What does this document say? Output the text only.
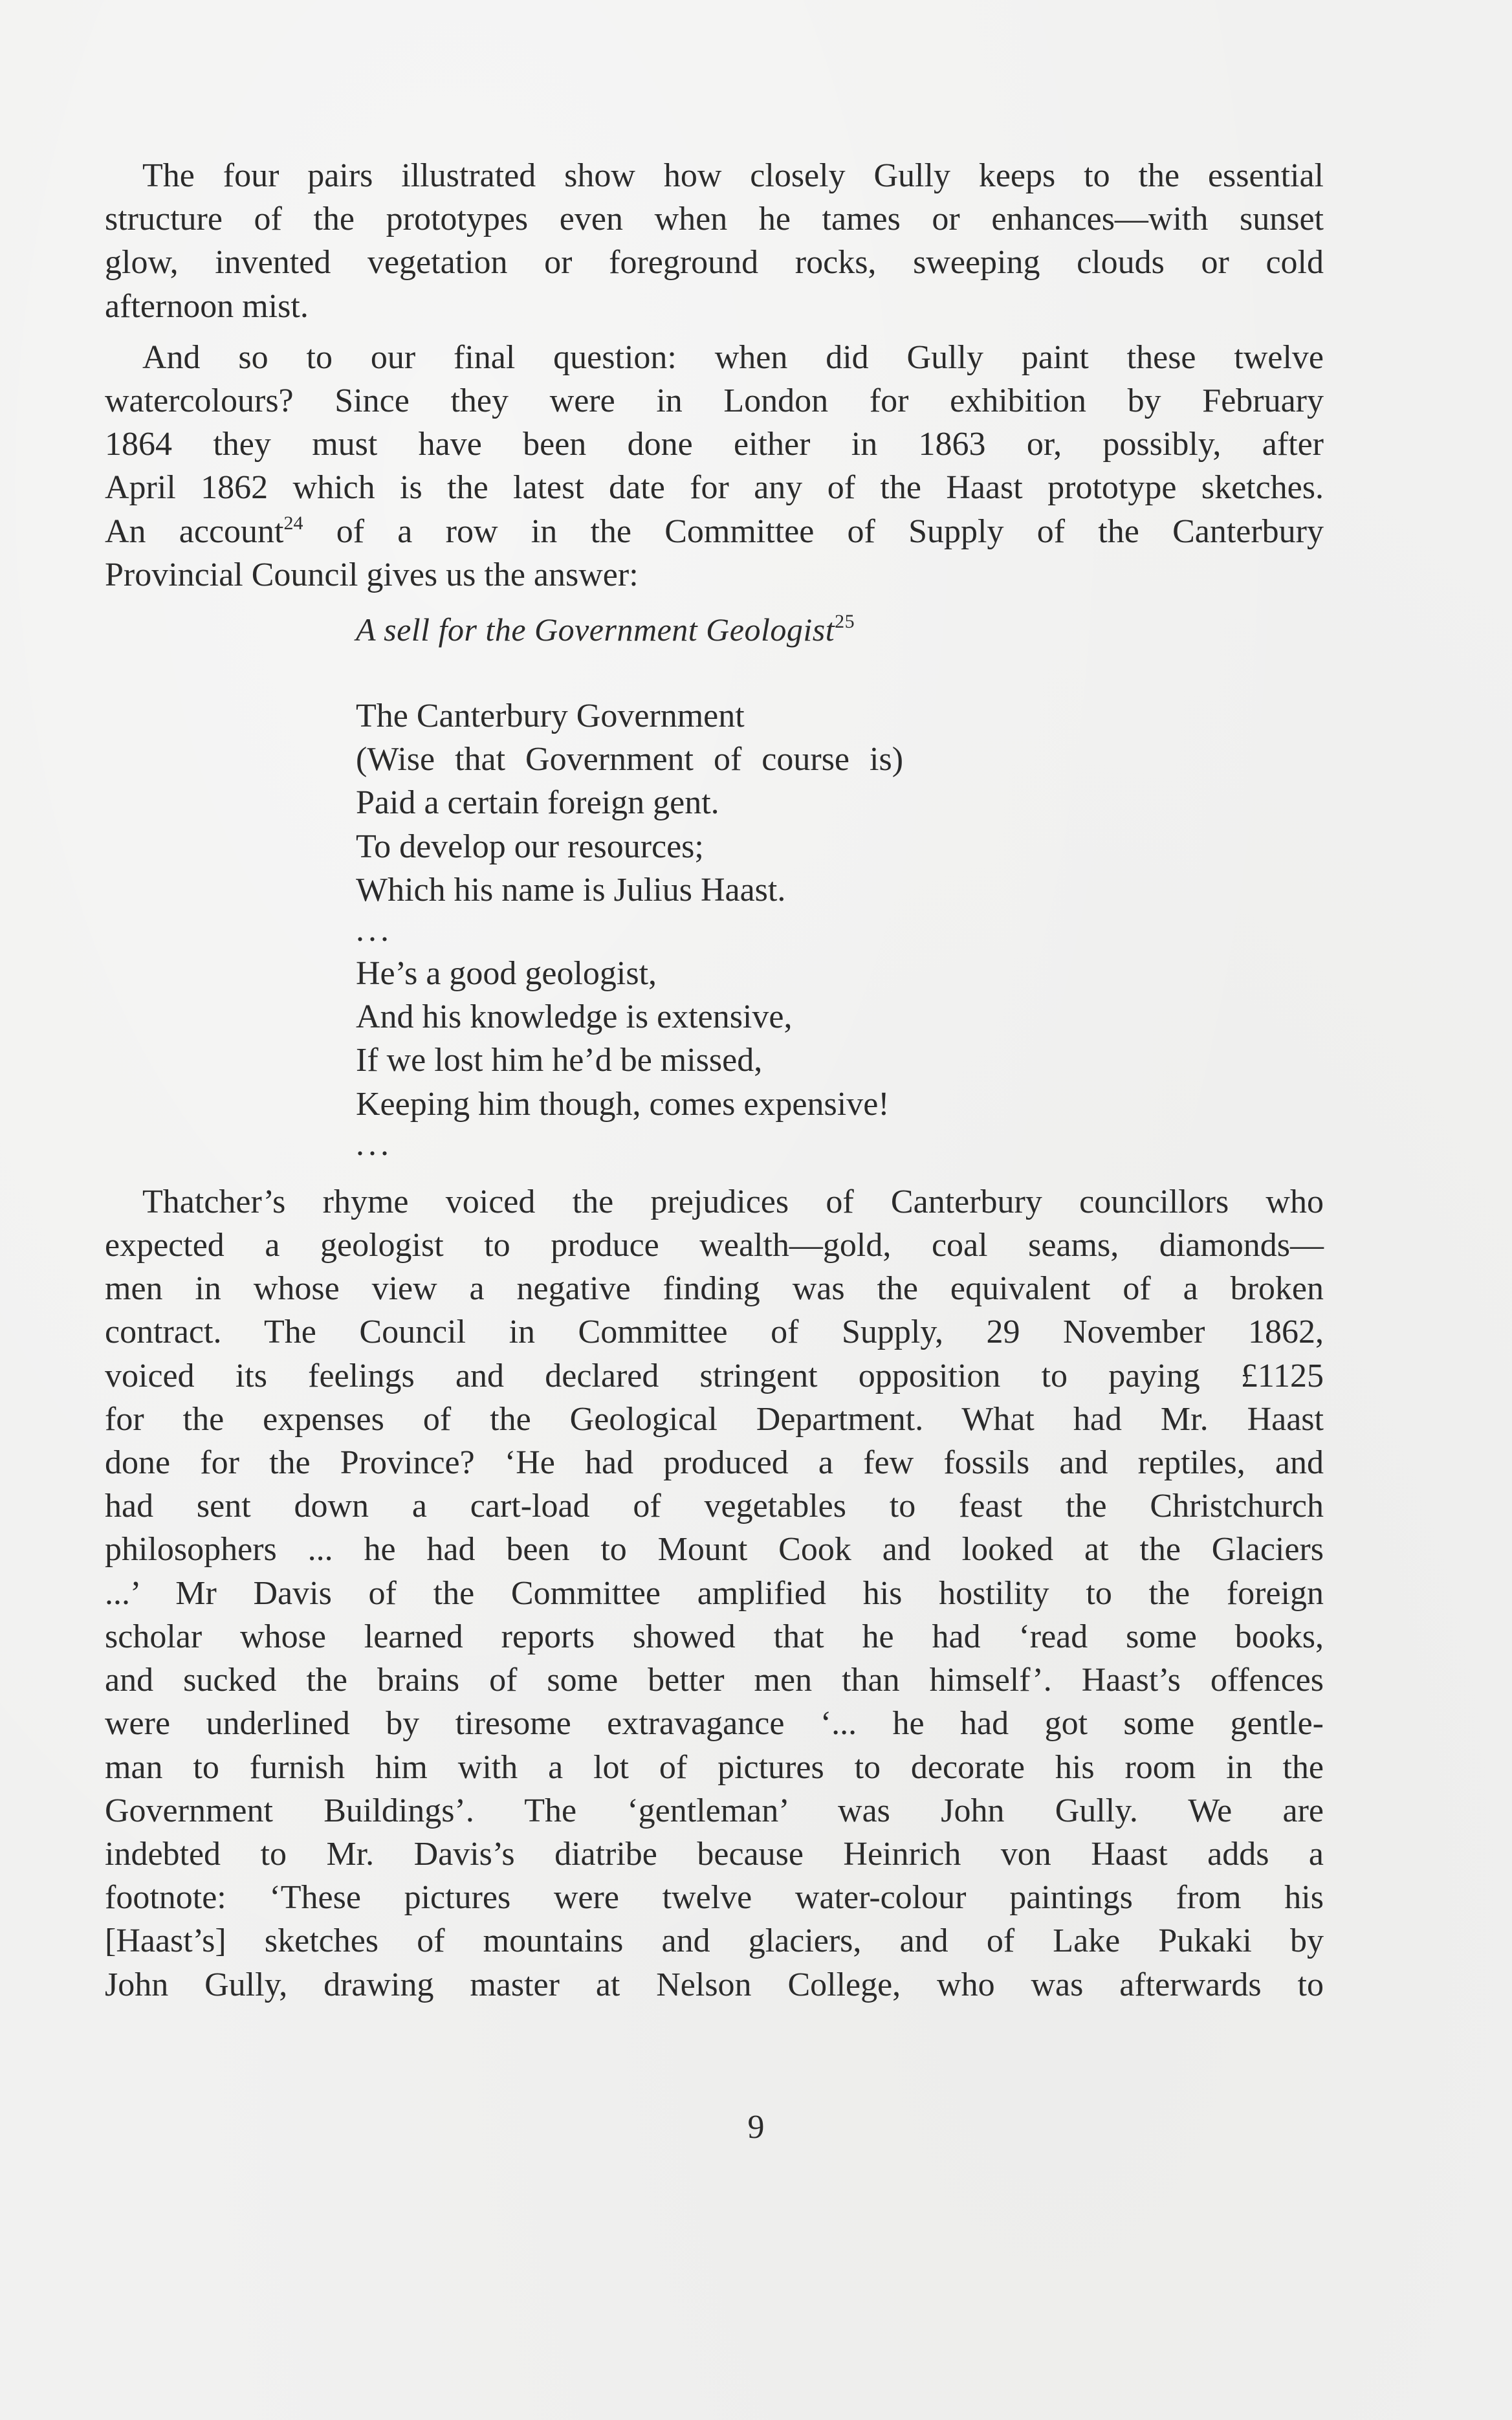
The four pairs illustrated show how closely Gully keeps to the essential
structure of the prototypes even when he tames or enhances—with sunset
glow, invented vegetation or foreground rocks, sweeping clouds or cold
afternoon mist.

And so to our final question: when did Gully paint these twelve
watercolours? Since they were in London for exhibition by February
1864 they must have been done either in 1863 or, possibly, after
April 1862 which is the latest date for any of the Haast prototype sketches.
An account$^{24}$ of a row in the Committee of Supply of the Canterbury
Provincial Council gives us the answer:

A sell for the Government Geologist$^{25}$
The Canterbury Government
(Wise that Government of course is)
Paid a certain foreign gent.
To develop our resources;
Which his name is Julius Haast.
...
He’s a good geologist,
And his knowledge is extensive,
If we lost him he’d be missed,
Keeping him though, comes expensive!
...

Thatcher’s rhyme voiced the prejudices of Canterbury councillors who
expected a geologist to produce wealth—gold, coal seams, diamonds—
men in whose view a negative finding was the equivalent of a broken
contract. The Council in Committee of Supply, 29 November 1862,
voiced its feelings and declared stringent opposition to paying £1125
for the expenses of the Geological Department. What had Mr. Haast
done for the Province? ‘He had produced a few fossils and reptiles, and
had sent down a cart-load of vegetables to feast the Christchurch
philosophers ... he had been to Mount Cook and looked at the Glaciers
...’ Mr Davis of the Committee amplified his hostility to the foreign
scholar whose learned reports showed that he had ‘read some books,
and sucked the brains of some better men than himself’. Haast’s offences
were underlined by tiresome extravagance ‘... he had got some gentle-
man to furnish him with a lot of pictures to decorate his room in the
Government Buildings’. The ‘gentleman’ was John Gully. We are
indebted to Mr. Davis’s diatribe because Heinrich von Haast adds a
footnote: ‘These pictures were twelve water-colour paintings from his
[Haast’s] sketches of mountains and glaciers, and of Lake Pukaki by
John Gully, drawing master at Nelson College, who was afterwards to

9
